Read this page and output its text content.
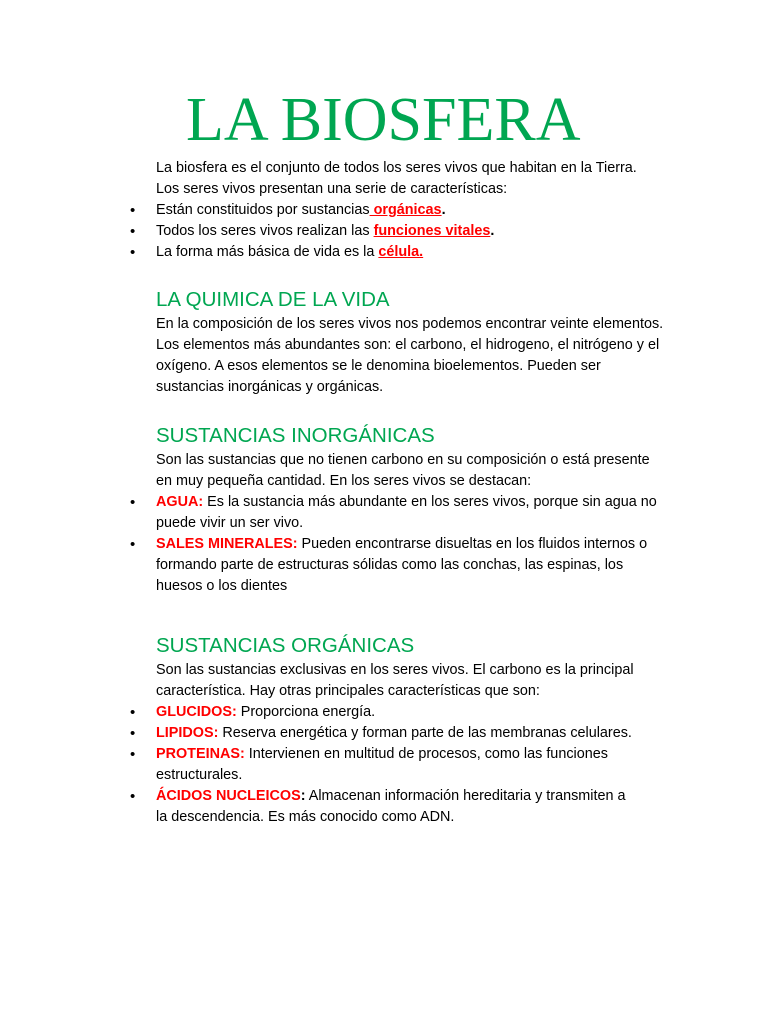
LA BIOSFERA
La biosfera es el conjunto de todos los seres vivos que habitan en la Tierra.
Los seres vivos presentan una serie de características:
• Están constituidos por sustancias orgánicas.
• Todos los seres vivos realizan las funciones vitales.
• La forma más básica de vida es la célula.
LA QUIMICA DE LA VIDA
En la composición de los seres vivos nos podemos encontrar veinte elementos.
Los elementos más abundantes son: el carbono, el hidrogeno, el nitrógeno y el
oxígeno. A esos elementos se le denomina bioelementos. Pueden ser
sustancias inorgánicas y orgánicas.
SUSTANCIAS INORGÁNICAS
Son las sustancias que no tienen carbono en su composición o está presente
en muy pequeña cantidad. En los seres vivos se destacan:
• AGUA: Es la sustancia más abundante en los seres vivos, porque sin agua no
puede vivir un ser vivo.
• SALES MINERALES: Pueden encontrarse disueltas en los fluidos internos o
formando parte de estructuras sólidas como las conchas, las espinas, los
huesos o los dientes
SUSTANCIAS ORGÁNICAS
Son las sustancias exclusivas en los seres vivos. El carbono es la principal
característica. Hay otras principales características que son:
• GLUCIDOS: Proporciona energía.
• LIPIDOS: Reserva energética y forman parte de las membranas celulares.
• PROTEINAS: Intervienen en multitud de procesos, como las funciones
estructurales.
• ÁCIDOS NUCLEICOS: Almacenan información hereditaria y transmiten a
la descendencia. Es más conocido como ADN.
